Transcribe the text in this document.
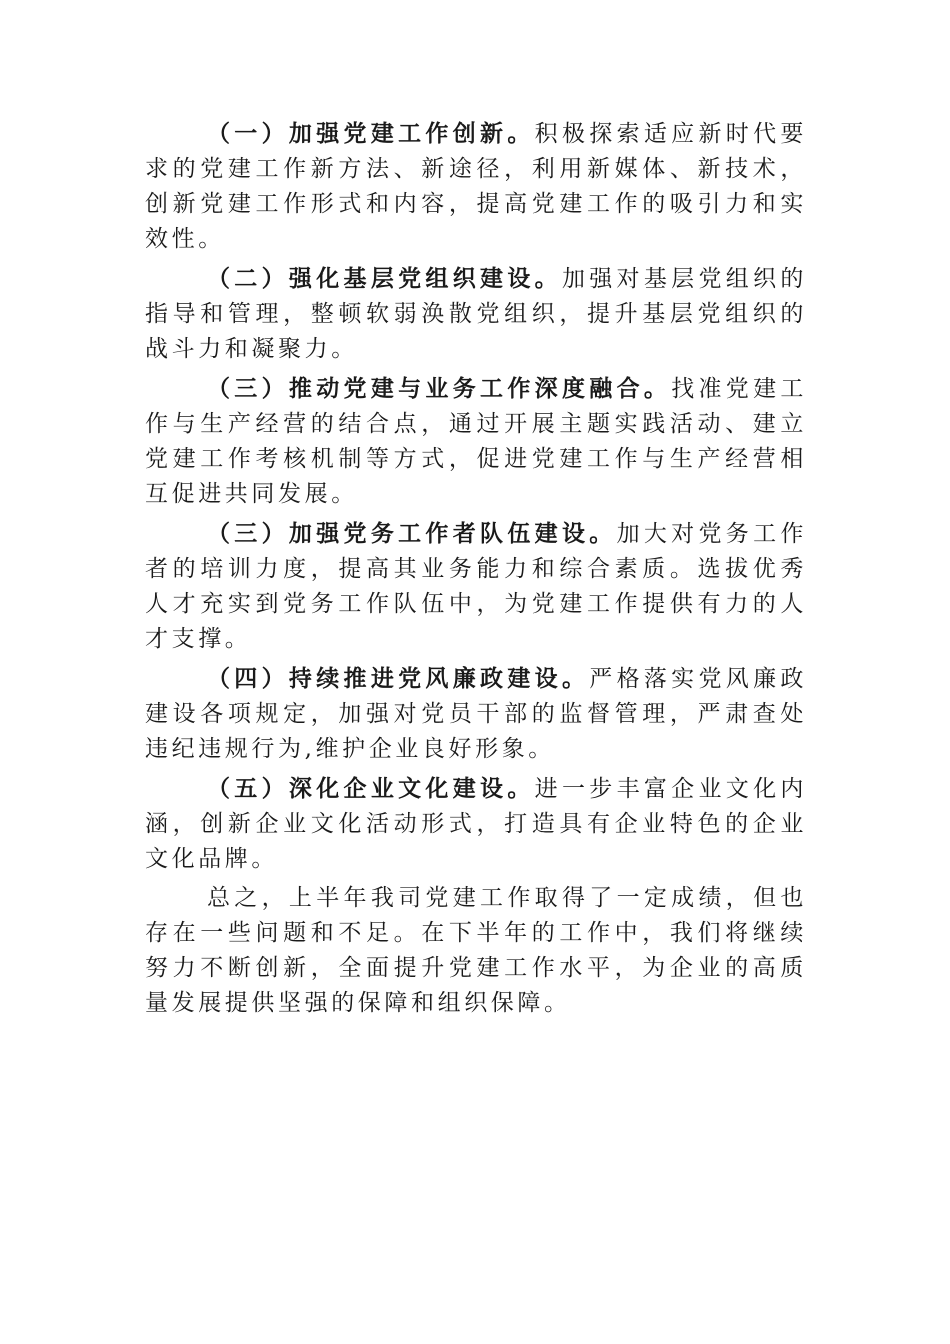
（一）加强党建工作创新。积极探索适应新时代要求的党建工作新方法、新途径，利用新媒体、新技术，创新党建工作形式和内容，提高党建工作的吸引力和实效性。

（二）强化基层党组织建设。加强对基层党组织的指导和管理，整顿软弱涣散党组织，提升基层党组织的战斗力和凝聚力。

（三）推动党建与业务工作深度融合。找准党建工作与生产经营的结合点，通过开展主题实践活动、建立党建工作考核机制等方式，促进党建工作与生产经营相互促进共同发展。

（三）加强党务工作者队伍建设。加大对党务工作者的培训力度，提高其业务能力和综合素质。选拔优秀人才充实到党务工作队伍中，为党建工作提供有力的人才支撑。

（四）持续推进党风廉政建设。严格落实党风廉政建设各项规定，加强对党员干部的监督管理，严肃查处违纪违规行为,维护企业良好形象。

（五）深化企业文化建设。进一步丰富企业文化内涵，创新企业文化活动形式，打造具有企业特色的企业文化品牌。

总之，上半年我司党建工作取得了一定成绩，但也存在一些问题和不足。在下半年的工作中，我们将继续努力不断创新，全面提升党建工作水平，为企业的高质量发展提供坚强的保障和组织保障。
